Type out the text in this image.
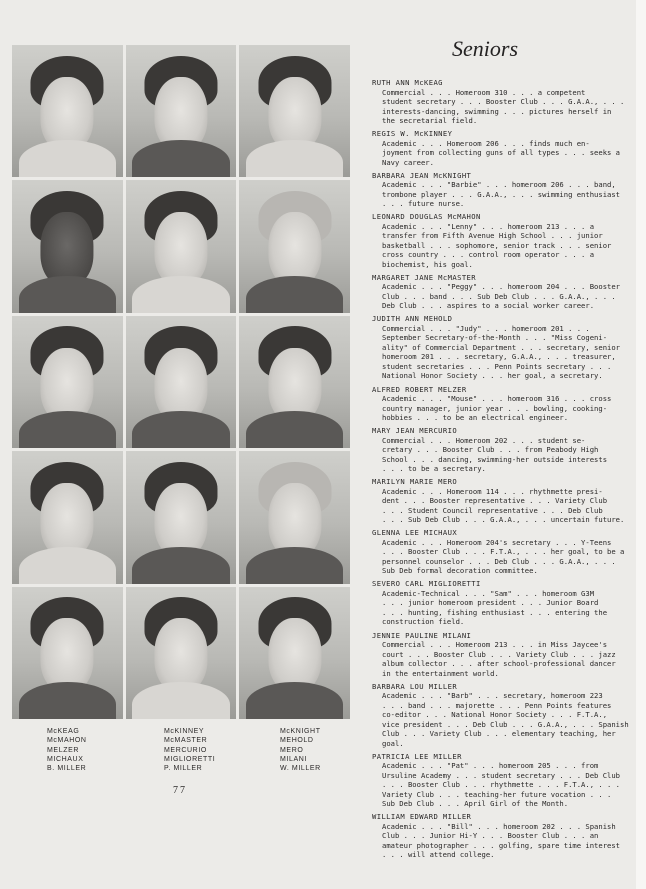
McKEAG
McMAHON
MELZER
MICHAUX
B. MILLER
McKINNEY
McMASTER
MERCURIO
MIGLIORETTI
P. MILLER
McKNIGHT
MEHOLD
MERO
MILANI
W. MILLER
77
Seniors
RUTH ANN McKEAG
Commercial . . . Homeroom 310 . . . a competent
student secretary . . . Booster Club . . . G.A.A., . . .
interests-dancing, swimming . . . pictures herself in
the secretarial field.
REGIS W. McKINNEY
Academic . . . Homeroom 206 . . . finds much en-
joyment from collecting guns of all types . . . seeks a
Navy career.
BARBARA JEAN McKNIGHT
Academic . . . "Barbie" . . . homeroom 206 . . . band,
trombone player . . . G.A.A., . . . swimming enthusiast
. . . future nurse.
LEONARD DOUGLAS McMAHON
Academic . . . "Lenny" . . . homeroom 213 . . . a
transfer from Fifth Avenue High School . . . junior
basketball . . . sophomore, senior track . . . senior
cross country . . . control room operator . . . a
biochemist, his goal.
MARGARET JANE McMASTER
Academic . . . "Peggy" . . . homeroom 204 . . . Booster
Club . . . band . . . Sub Deb Club . . . G.A.A., . . .
Deb Club . . . aspires to a social worker career.
JUDITH ANN MEHOLD
Commercial . . . "Judy" . . . homeroom 201 . . .
September Secretary-of-the-Month . . . "Miss Cogeni-
ality" of Commercial Department . . . secretary, senior
homeroom 201 . . . secretary, G.A.A., . . . treasurer,
student secretaries . . . Penn Points secretary . . .
National Honor Society . . . her goal, a secretary.
ALFRED ROBERT MELZER
Academic . . . "Mouse" . . . homeroom 316 . . . cross
country manager, junior year . . . bowling, cooking-
hobbies . . . to be an electrical engineer.
MARY JEAN MERCURIO
Commercial . . . Homeroom 202 . . . student se-
cretary . . . Booster Club . . . from Peabody High
School . . . dancing, swimming-her outside interests
. . . to be a secretary.
MARILYN MARIE MERO
Academic . . . Homeroom 114 . . . rhythmette presi-
dent . . . Booster representative . . . Variety Club
. . . Student Council representative . . . Deb Club
. . . Sub Deb Club . . . G.A.A., . . . uncertain future.
GLENNA LEE MICHAUX
Academic . . . Homeroom 204's secretary . . . Y-Teens
. . . Booster Club . . . F.T.A., . . . her goal, to be a
personnel counselor . . . Deb Club . . . G.A.A., . . .
Sub Deb formal decoration committee.
SEVERO CARL MIGLIORETTI
Academic-Technical . . . "Sam" . . . homeroom G3M
. . . junior homeroom president . . . Junior Board
. . . hunting, fishing enthusiast . . . entering the
construction field.
JENNIE PAULINE MILANI
Commercial . . . Homeroom 213 . . . in Miss Jaycee's
court . . . Booster Club . . . Variety Club . . . jazz
album collector . . . after school-professional dancer
in the entertainment world.
BARBARA LOU MILLER
Academic . . . "Barb" . . . secretary, homeroom 223
. . . band . . . majorette . . . Penn Points features
co-editor . . . National Honor Society . . . F.T.A.,
vice president . . . Deb Club . . . G.A.A., . . . Spanish
Club . . . Variety Club . . . elementary teaching, her
goal.
PATRICIA LEE MILLER
Academic . . . "Pat" . . . homeroom 205 . . . from
Ursuline Academy . . . student secretary . . . Deb Club
. . . Booster Club . . . rhythmette . . . F.T.A., . . .
Variety Club . . . teaching-her future vocation . . .
Sub Deb Club . . . April Girl of the Month.
WILLIAM EDWARD MILLER
Academic . . . "Bill" . . . homeroom 202 . . . Spanish
Club . . . Junior Hi-Y . . . Booster Club . . . an
amateur photographer . . . golfing, spare time interest
. . . will attend college.
